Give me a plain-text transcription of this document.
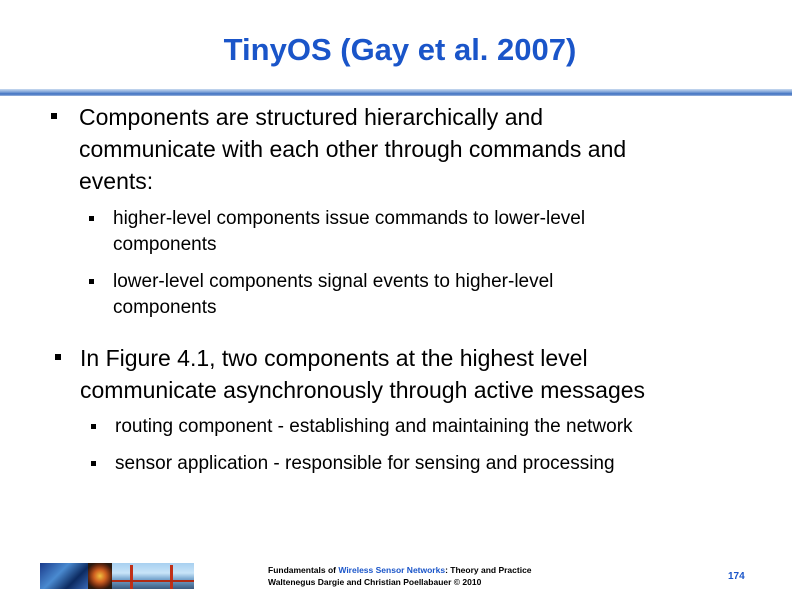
TinyOS (Gay et al. 2007)
Components are structured hierarchically and
communicate with each other through commands and
events:
higher-level components issue commands to lower-level
components
lower-level components signal events to higher-level
components
In Figure 4.1, two components at the highest level
communicate asynchronously through active messages
routing component - establishing and maintaining the network
sensor application - responsible for sensing and processing
Fundamentals of Wireless Sensor Networks: Theory and Practice
Waltenegus Dargie and Christian Poellabauer © 2010	174
